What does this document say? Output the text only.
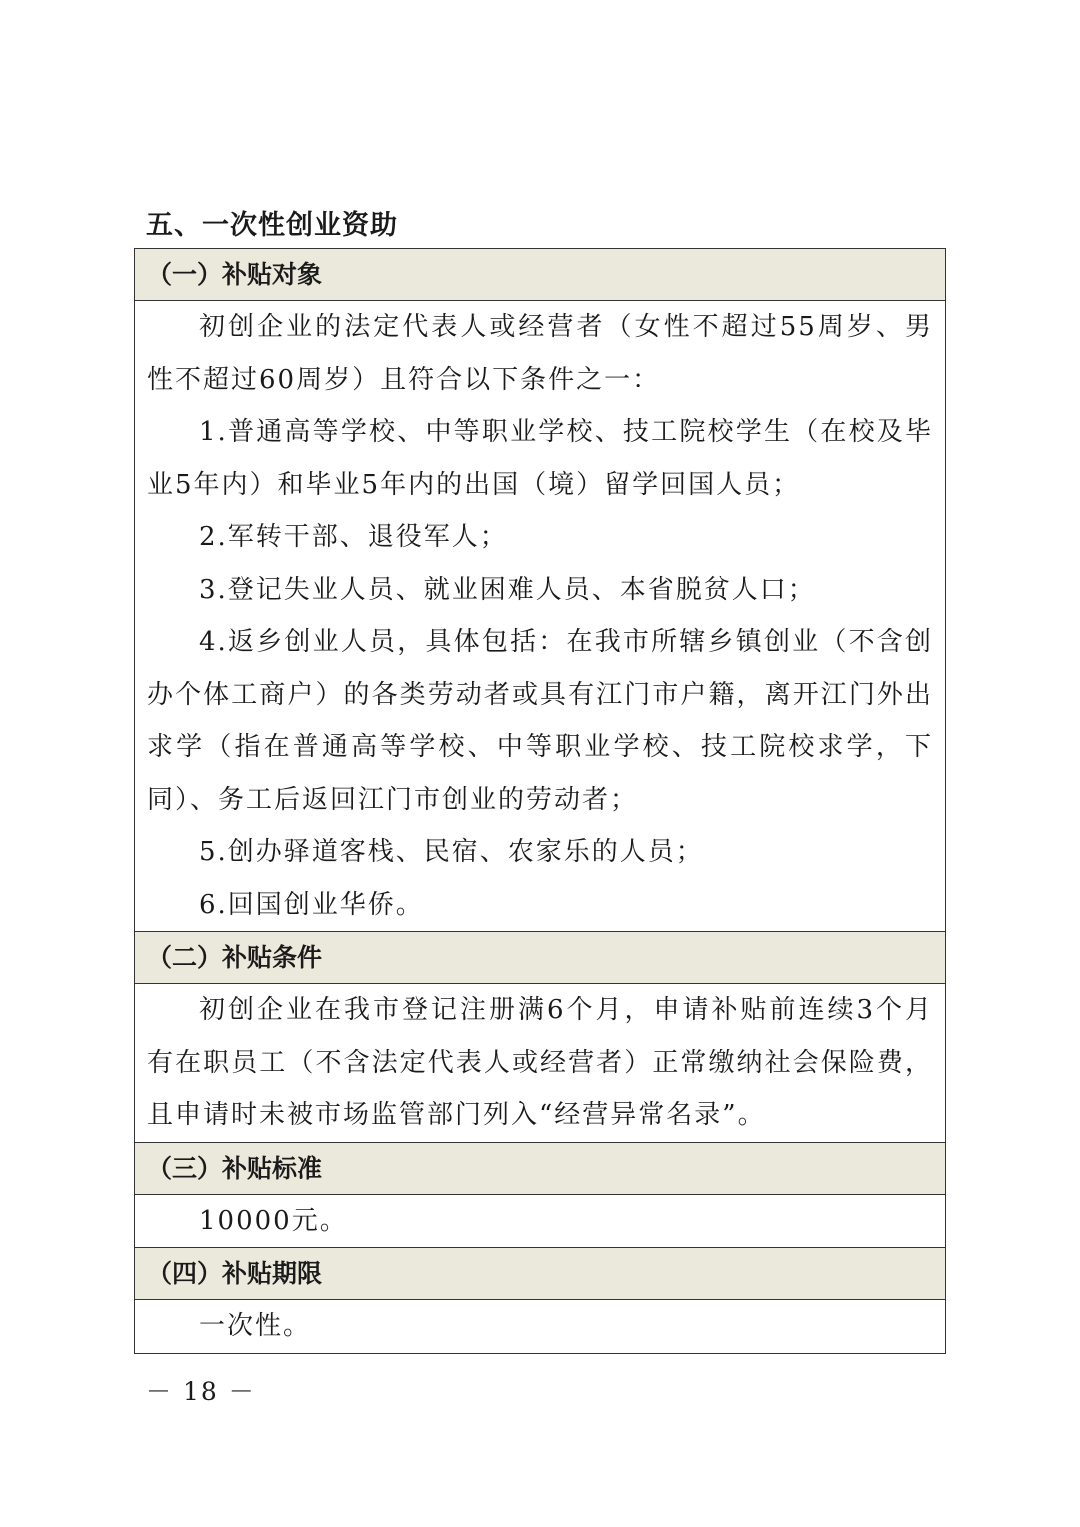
五、一次性创业资助
（一）补贴对象

初创企业的法定代表人或经营者（女性不超过55周岁、男性不超过60周岁）且符合以下条件之一：

1.普通高等学校、中等职业学校、技工院校学生（在校及毕业5年内）和毕业5年内的出国（境）留学回国人员；

2.军转干部、退役军人；

3.登记失业人员、就业困难人员、本省脱贫人口；

4.返乡创业人员，具体包括：在我市所辖乡镇创业（不含创办个体工商户）的各类劳动者或具有江门市户籍，离开江门外出求学（指在普通高等学校、中等职业学校、技工院校求学，下同）、务工后返回江门市创业的劳动者；

5.创办驿道客栈、民宿、农家乐的人员；

6.回国创业华侨。

（二）补贴条件

初创企业在我市登记注册满6个月，申请补贴前连续3个月有在职员工（不含法定代表人或经营者）正常缴纳社会保险费，且申请时未被市场监管部门列入“经营异常名录”。

（三）补贴标准

10000元。

（四）补贴期限

一次性。

－ 18 －
